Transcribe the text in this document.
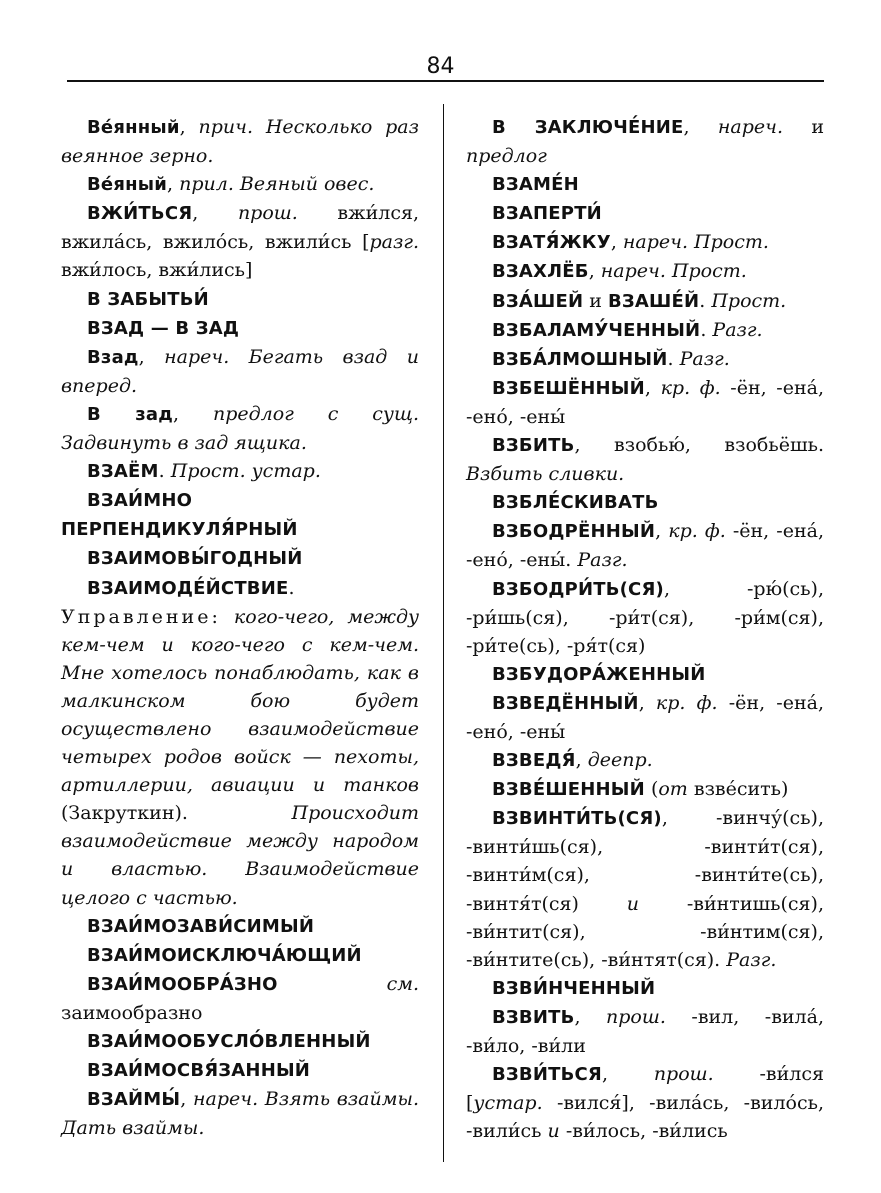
84

Ве́янный, прич. Несколько раз веянное зерно.

Ве́яный, прил. Веяный овес.

ВЖИ́ТЬСЯ, прош. вжи́лся, вжила́сь, вжило́сь, вжили́сь [разг. вжи́лось, вжи́лись]

В ЗАБЫТЬИ́

ВЗАД — В ЗАД

Взад, нареч. Бегать взад и вперед.

В зад, предлог с сущ. Задвинуть в зад ящика.

ВЗАЁМ. Прост. устар.

ВЗАИ́МНО ПЕРПЕНДИКУЛЯ́РНЫЙ

ВЗАИМОВЫ́ГОДНЫЙ

ВЗАИМОДЕ́ЙСТВИЕ. Управление: кого-чего, между кем-чем и кого-чего с кем-чем. Мне хотелось понаблюдать, как в малкинском бою будет осуществлено взаимодействие четырех родов войск — пехоты, артиллерии, авиации и танков (Закруткин). Происходит взаимодействие между народом и властью. Взаимодействие целого с частью.

ВЗАИ́МОЗАВИ́СИМЫЙ

ВЗАИ́МОИСКЛЮЧА́ЮЩИЙ

ВЗАИ́МООБРА́ЗНО	см. заимообразно

ВЗАИ́МООБУСЛО́ВЛЕННЫЙ

ВЗАИ́МОСВЯ́ЗАННЫЙ

ВЗАЙМЫ́, нареч. Взять взаймы. Дать взаймы.

В ЗАКЛЮЧЕ́НИЕ, нареч. и предлог

ВЗАМЕ́Н

ВЗАПЕРТИ́

ВЗАТЯ́ЖКУ, нареч. Прост.

ВЗАХЛЁБ, нареч. Прост.

ВЗА́ШЕЙ и ВЗАШЕ́Й. Прост.

ВЗБАЛАМУ́ЧЕННЫЙ. Разг.

ВЗБА́ЛМОШНЫЙ. Разг.

ВЗБЕШЁННЫЙ, кр. ф. -ён, -ена́, -ено́, -ены́

ВЗБИТЬ, взобью́, взобьёшь. Взбить сливки.

ВЗБЛЕ́СКИВАТЬ

ВЗБОДРЁННЫЙ, кр. ф. -ён, -ена́, -ено́, -ены́. Разг.

ВЗБОДРИ́ТЬ(СЯ), -рю́(сь), -ри́шь(ся), -ри́т(ся), -ри́м(ся), -ри́те(сь), -ря́т(ся)

ВЗБУДОРА́ЖЕННЫЙ

ВЗВЕДЁННЫЙ, кр. ф. -ён, -ена́, -ено́, -ены́

ВЗВЕДЯ́, деепр.

ВЗВЕ́ШЕННЫЙ (от взве́сить)

ВЗВИНТИ́ТЬ(СЯ), -винчу́(сь), -винти́шь(ся), -винти́т(ся), -винти́м(ся), -винти́те(сь), -винтя́т(ся) и -ви́нтишь(ся), -ви́нтит(ся), -ви́нтим(ся), -ви́нтите(сь), -ви́нтят(ся). Разг.

ВЗВИ́НЧЕННЫЙ

ВЗВИТЬ, прош. -вил, -вила́, -ви́ло, -ви́ли

ВЗВИ́ТЬСЯ, прош. -ви́лся [устар. -вился́], -вила́сь, -вило́сь, -вили́сь и -ви́лось, -ви́лись
